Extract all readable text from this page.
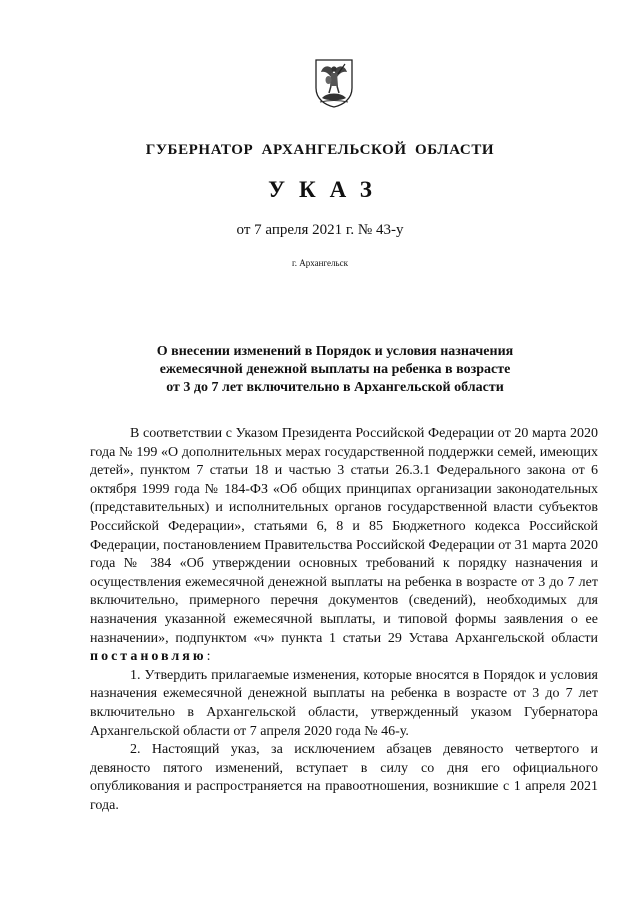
ГУБЕРНАТОР АРХАНГЕЛЬСКОЙ ОБЛАСТИ
УКАЗ
от 7 апреля 2021 г. № 43-у
г. Архангельск
О внесении изменений в Порядок и условия назначения
ежемесячной денежной выплаты на ребенка в возрасте
от 3 до 7 лет включительно в Архангельской области

В соответствии с Указом Президента Российской Федерации от 20 марта 2020 года № 199 «О дополнительных мерах государственной поддержки семей, имеющих детей», пунктом 7 статьи 18 и частью 3 статьи 26.3.1 Федерального закона от 6 октября 1999 года № 184-ФЗ «Об общих принципах организации законодательных (представительных) и исполнительных органов государственной власти субъектов Российской Федерации», статьями 6, 8 и 85 Бюджетного кодекса Российской Федерации, постановлением Правительства Российской Федерации от 31 марта 2020 года № 384 «Об утверждении основных требований к порядку назначения и осуществления ежемесячной денежной выплаты на ребенка в возрасте от 3 до 7 лет включительно, примерного перечня документов (сведений), необходимых для назначения указанной ежемесячной выплаты, и типовой формы заявления о ее назначении», подпунктом «ч» пункта 1 статьи 29 Устава Архангельской области постановляю:

1. Утвердить прилагаемые изменения, которые вносятся в Порядок и условия назначения ежемесячной денежной выплаты на ребенка в возрасте от 3 до 7 лет включительно в Архангельской области, утвержденный указом Губернатора Архангельской области от 7 апреля 2020 года № 46-у.

2. Настоящий указ, за исключением абзацев девяносто четвертого и девяносто пятого изменений, вступает в силу со дня его официального опубликования и распространяется на правоотношения, возникшие с 1 апреля 2021 года.
